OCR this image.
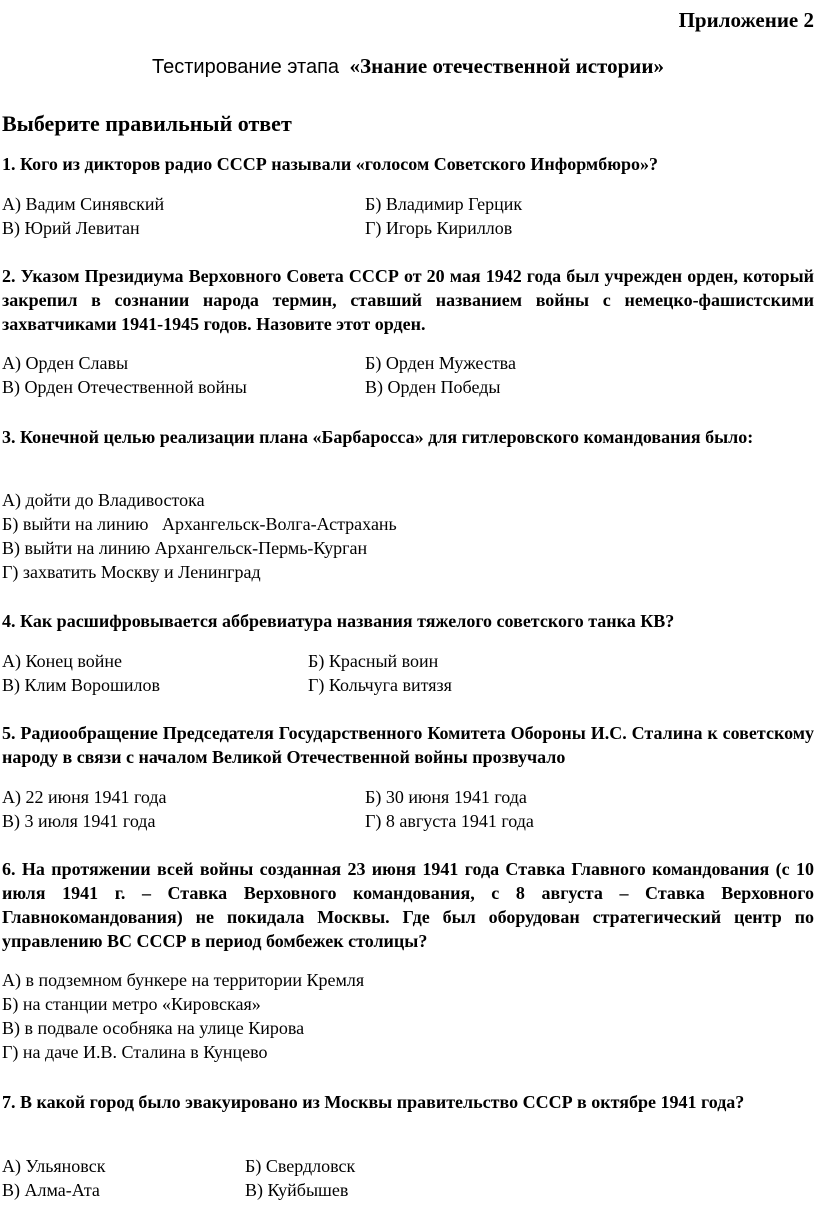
Приложение 2
Тестирование этапа «Знание отечественной истории»
Выберите правильный ответ
1. Кого из дикторов радио СССР называли «голосом Советского Информбюро»?
А) Вадим Синявский	Б) Владимир Герцик
В) Юрий Левитан	Г) Игорь Кириллов
2. Указом Президиума Верховного Совета СССР от 20 мая 1942 года был учрежден орден, который закрепил в сознании народа термин, ставший названием войны с немецко-фашистскими захватчиками 1941-1945 годов. Назовите этот орден.
А) Орден Славы	Б) Орден Мужества
В) Орден Отечественной войны	В) Орден Победы
3. Конечной целью реализации плана «Барбаросса» для гитлеровского командования было:
А) дойти до Владивостока
Б) выйти на линию   Архангельск-Волга-Астрахань
В) выйти на линию Архангельск-Пермь-Курган
Г) захватить Москву и Ленинград
4. Как расшифровывается аббревиатура названия тяжелого советского танка КВ?
А) Конец войне	Б) Красный воин
В) Клим Ворошилов	Г) Кольчуга витязя
5. Радиообращение Председателя Государственного Комитета Обороны И.С. Сталина к советскому народу в связи с началом Великой Отечественной войны прозвучало
А) 22 июня 1941 года	Б) 30 июня 1941 года
В) 3 июля 1941 года	Г) 8 августа 1941 года
6. На протяжении всей войны созданная 23 июня 1941 года Ставка Главного командования (с 10 июля 1941 г. – Ставка Верховного командования, с 8 августа – Ставка Верховного Главнокомандования) не покидала Москвы. Где был оборудован стратегический центр по управлению ВС СССР в период бомбежек столицы?
А) в подземном бункере на территории Кремля
Б) на станции метро «Кировская»
В) в подвале особняка на улице Кирова
Г) на даче И.В. Сталина в Кунцево
7. В какой город было эвакуировано из Москвы правительство СССР в октябре 1941 года?
А) Ульяновск	Б) Свердловск
В) Алма-Ата	В) Куйбышев
